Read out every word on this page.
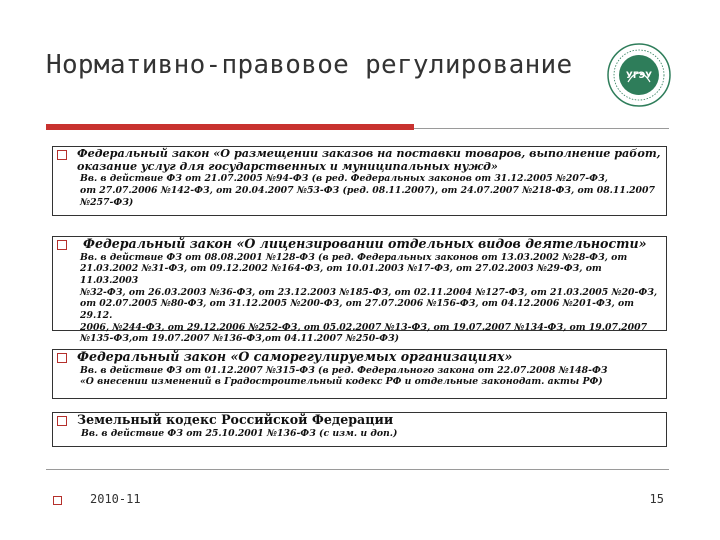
Нормативно-правовое регулирование	УГЭУ
Федеральный закон «О размещении заказов на поставки товаров, выполнение работ,
оказание услуг для государственных и муниципальных нужд»
Вв. в действие ФЗ от 21.07.2005 №94-ФЗ (в ред. Федеральных законов от 31.12.2005 №207-ФЗ,
от 27.07.2006 №142-ФЗ, от 20.04.2007 №53-ФЗ (ред. 08.11.2007), от 24.07.2007 №218-ФЗ, от 08.11.2007
№257-ФЗ)
Федеральный закон «О лицензировании отдельных видов деятельности»
Вв. в действие ФЗ от 08.08.2001 №128-ФЗ (в ред. Федеральных законов от 13.03.2002 №28-ФЗ, от
21.03.2002 №31-ФЗ, от 09.12.2002 №164-ФЗ, от 10.01.2003 №17-ФЗ, от 27.02.2003 №29-ФЗ, от 11.03.2003
№32-ФЗ, от 26.03.2003 №36-ФЗ, от 23.12.2003 №185-ФЗ, от 02.11.2004 №127-ФЗ, от 21.03.2005 №20-ФЗ,
от 02.07.2005 №80-ФЗ, от 31.12.2005 №200-ФЗ, от 27.07.2006 №156-ФЗ, от 04.12.2006 №201-ФЗ, от 29.12.
2006, №244-ФЗ, от 29.12.2006 №252-ФЗ, от 05.02.2007 №13-ФЗ, от 19.07.2007 №134-ФЗ, от 19.07.2007
№135-ФЗ,от 19.07.2007 №136-ФЗ,от 04.11.2007 №250-ФЗ)
Федеральный закон «О саморегулируемых организациях»
Вв. в действие ФЗ от 01.12.2007 №315-ФЗ (в ред. Федерального закона от 22.07.2008 №148-ФЗ
«О внесении изменений в Градостроительный кодекс РФ и отдельные законодат. акты РФ)
Земельный кодекс Российской Федерации
Вв. в действие ФЗ от 25.10.2001 №136-ФЗ (с изм. и доп.)
2010-11	15
